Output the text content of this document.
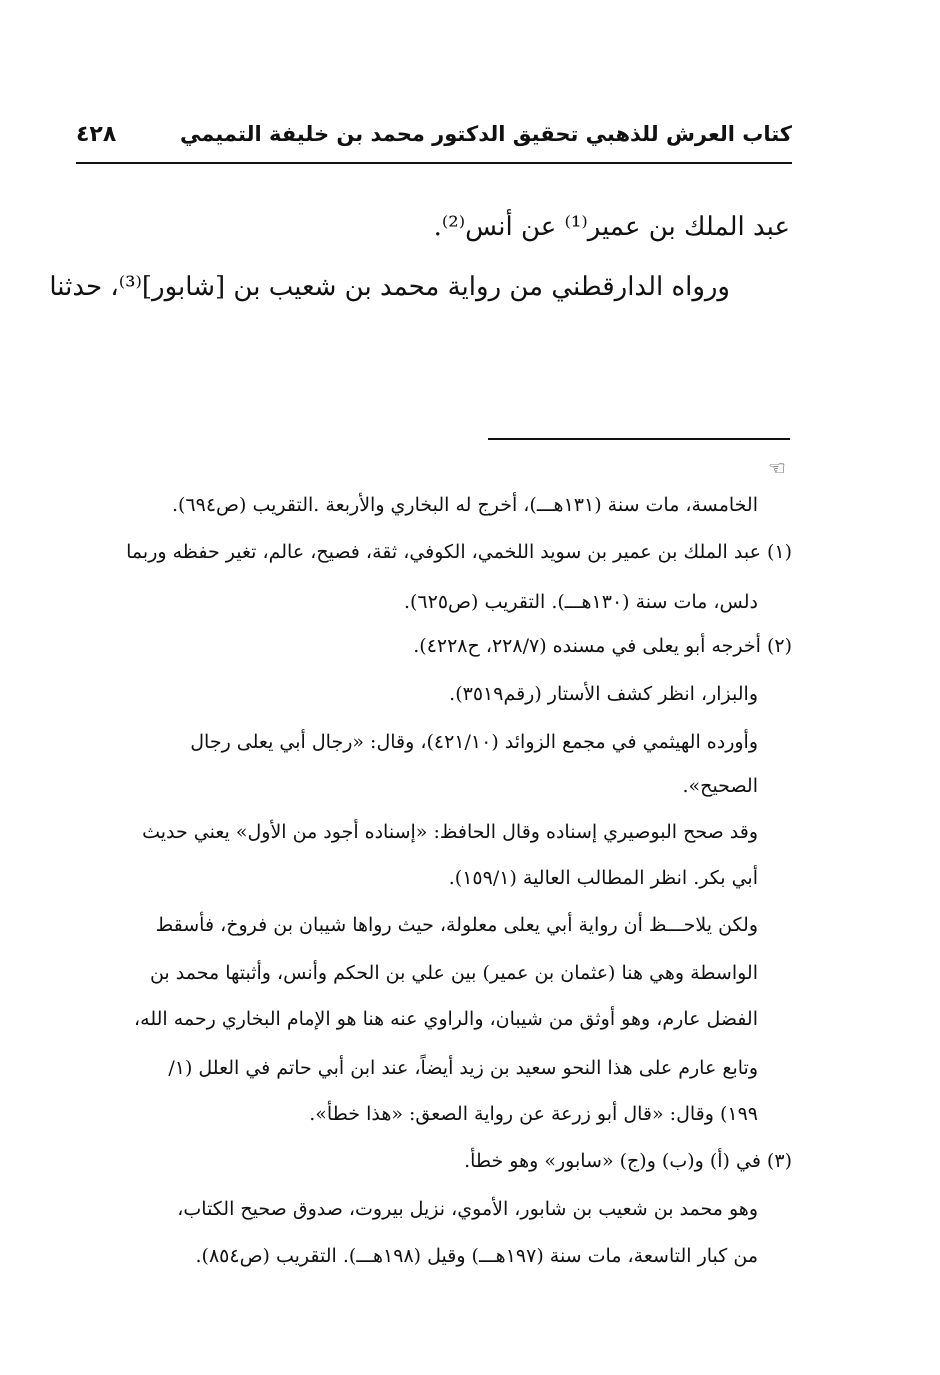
كتاب العرش للذهبي تحقيق الدكتور محمد بن خليفة التميمي
٤٢٨
عبد الملك بن عمير⁽¹⁾ عن أنس⁽²⁾.
ورواه الدارقطني من رواية محمد بن شعيب بن [شابور]⁽³⁾، حدثنا
☜
الخامسة، مات سنة (١٣١هـــ)، أخرج له البخاري والأربعة .التقريب (ص٦٩٤).
(١) عبد الملك بن عمير بن سويد اللخمي، الكوفي، ثقة، فصيح، عالم، تغير حفظه وربما
دلس، مات سنة (١٣٠هـــ). التقريب (ص٦٢٥).
(٢) أخرجه أبو يعلى في مسنده (٢٢٨/٧، ح٤٢٢٨).
والبزار، انظر كشف الأستار (رقم٣٥١٩).
وأورده الهيثمي في مجمع الزوائد (٤٢١/١٠)، وقال: «رجال أبي يعلى رجال
الصحيح».
وقد صحح البوصيري إسناده وقال الحافظ: «إسناده أجود من الأول» يعني حديث
أبي بكر. انظر المطالب العالية (١٥٩/١).
ولكن يلاحـــظ أن رواية أبي يعلى معلولة، حيث رواها شيبان بن فروخ، فأسقط
الواسطة وهي هنا (عثمان بن عمير) بين علي بن الحكم وأنس، وأثبتها محمد بن
الفضل عارم، وهو أوثق من شيبان، والراوي عنه هنا هو الإمام البخاري رحمه الله،
وتابع عارم على هذا النحو سعيد بن زيد أيضاً، عند ابن أبي حاتم في العلل (١/
١٩٩) وقال: «قال أبو زرعة عن رواية الصعق: «هذا خطأ».
(٣) في (أ) و(ب) و(ج) «سابور» وهو خطأ.
وهو محمد بن شعيب بن شابور، الأموي، نزيل بيروت، صدوق صحيح الكتاب،
من كبار التاسعة، مات سنة (١٩٧هـــ) وقيل (١٩٨هـــ). التقريب (ص٨٥٤).
